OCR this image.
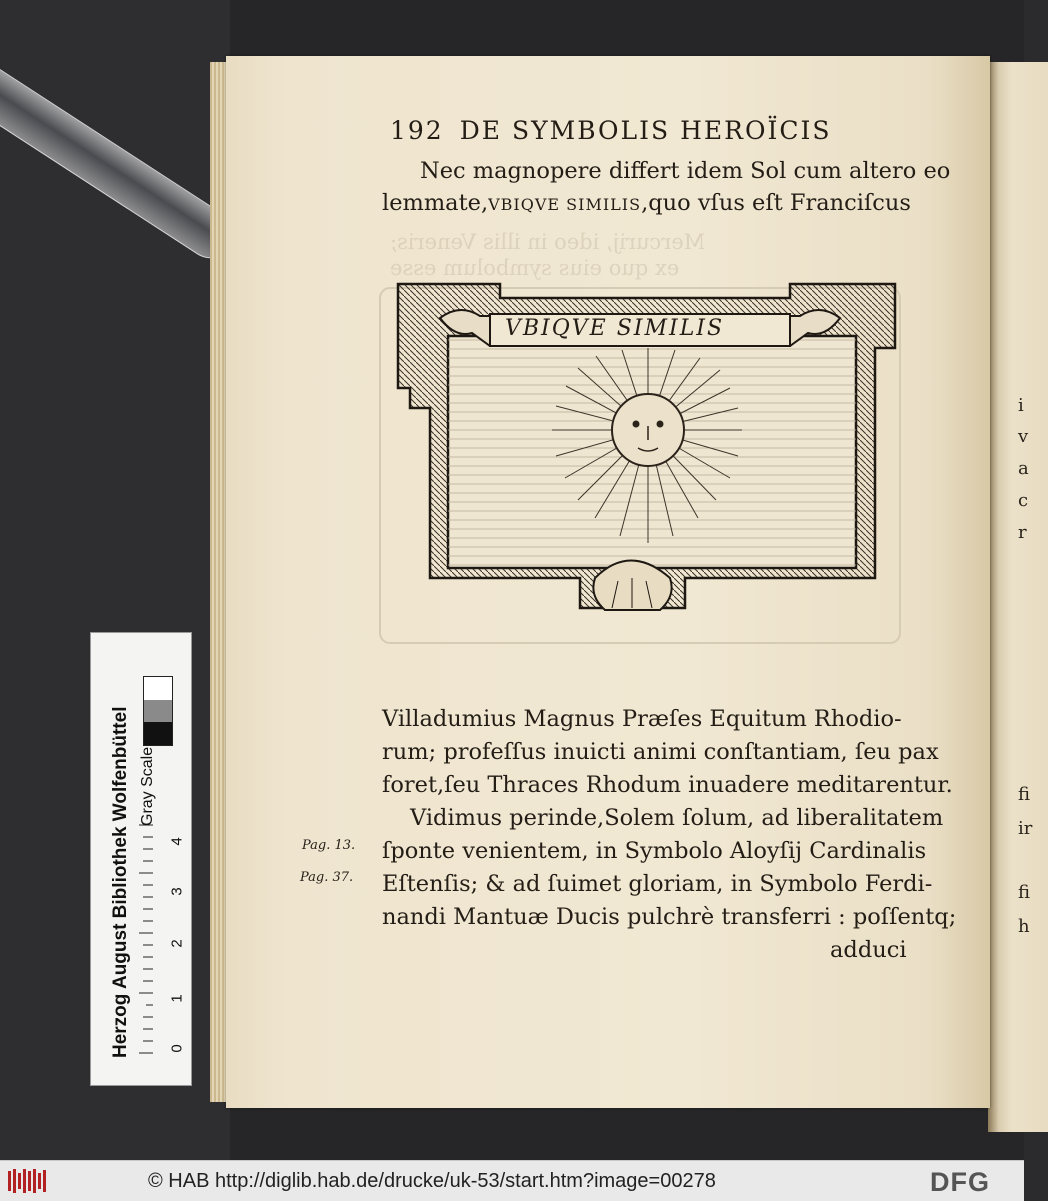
Mercurij, ideo in illis Veneris;
ex quo eius symbolum esse
192 DE SYMBOLIS HEROÏCIS
Nec magnopere differt idem Sol cum altero eo
lemmate,VBIQVE SIMILIS,quo vſus eſt Franciſcus
VBIQVE SIMILIS
Villadumius Magnus Præſes Equitum Rhodio-
rum; profeſſus inuicti animi conſtantiam, ſeu pax
foret,ſeu Thraces Rhodum inuadere meditarentur.
Vidimus perinde,Solem ſolum, ad liberalitatem
ſponte venientem, in Symbolo Aloyſij Cardinalis
Eſtenſis; & ad ſuimet gloriam, in Symbolo Ferdi-
nandi Mantuæ Ducis pulchrè transferri : poſſentq;
adduci
Pag. 13.
Pag. 37.
i
v
a
c
r
fi
ir
fi
h
Herzog August Bibliothek Wolfenbüttel Gray Scale
0
1
2
3
4
© HAB http://diglib.hab.de/drucke/uk-53/start.htm?image=00278	DFG
